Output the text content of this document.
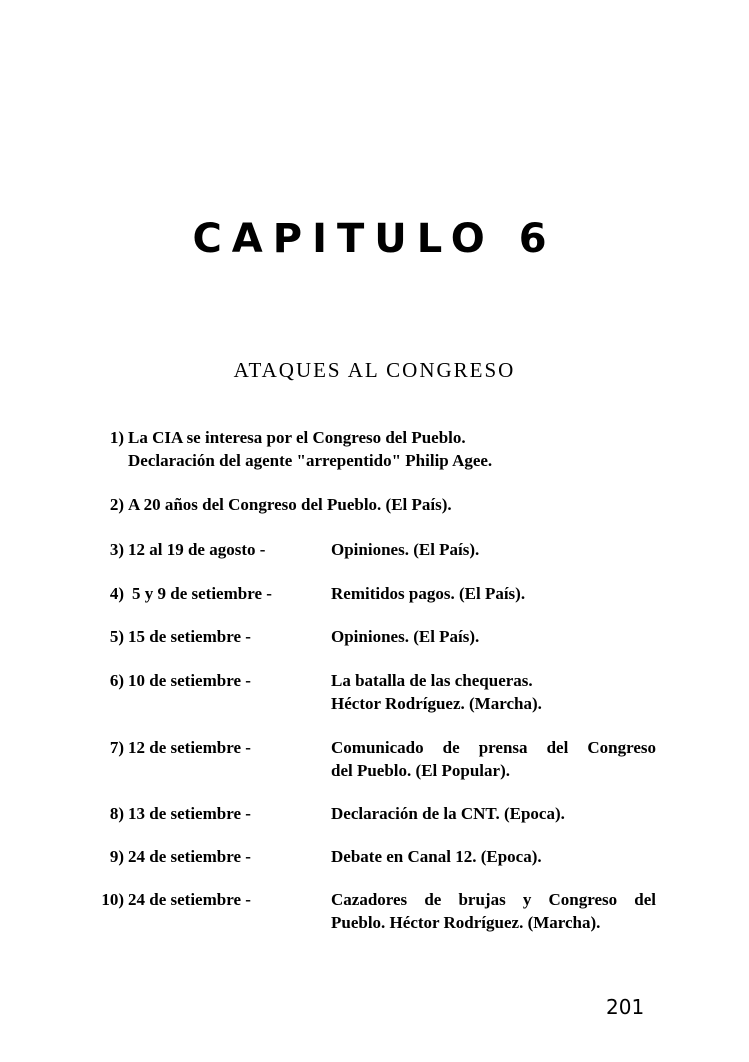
CAPITULO 6
ATAQUES AL CONGRESO
1) La CIA se interesa por el Congreso del Pueblo.
Declaración del agente "arrepentido" Philip Agee.
2) A 20 años del Congreso del Pueblo. (El País).
3) 12 al 19 de agosto -	Opiniones. (El País).
4) 5 y 9 de setiembre -	Remitidos pagos. (El País).
5) 15 de setiembre -	Opiniones. (El País).
6) 10 de setiembre -	La batalla de las chequeras.
Héctor Rodríguez. (Marcha).
7) 12 de setiembre -	Comunicado de prensa del Congreso
del Pueblo. (El Popular).
8) 13 de setiembre -	Declaración de la CNT. (Epoca).
9) 24 de setiembre -	Debate en Canal 12. (Epoca).
10) 24 de setiembre -	Cazadores de brujas y Congreso del
Pueblo. Héctor Rodríguez. (Marcha).
201
